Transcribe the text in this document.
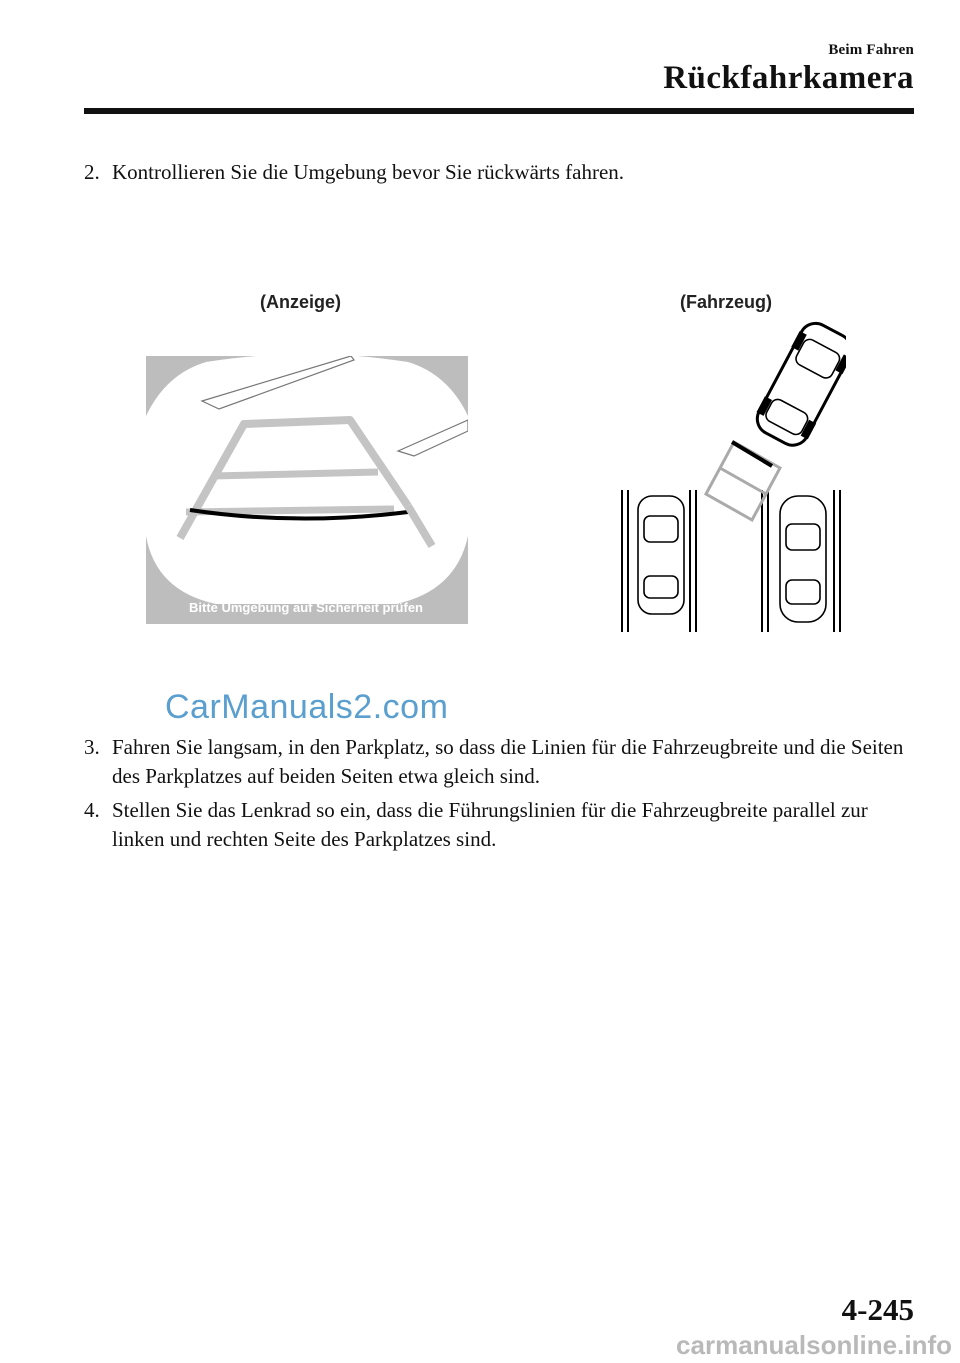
Beim Fahren
Rückfahrkamera
2. Kontrollieren Sie die Umgebung bevor Sie rückwärts fahren.
(Anzeige)	(Fahrzeug)
Bitte Umgebung auf Sicherheit prüfen
CarManuals2.com
3. Fahren Sie langsam, in den Parkplatz, so dass die Linien für die Fahrzeugbreite und die Seiten des Parkplatzes auf beiden Seiten etwa gleich sind.
4. Stellen Sie das Lenkrad so ein, dass die Führungslinien für die Fahrzeugbreite parallel zur linken und rechten Seite des Parkplatzes sind.
4-245
carmanualsonline.info
